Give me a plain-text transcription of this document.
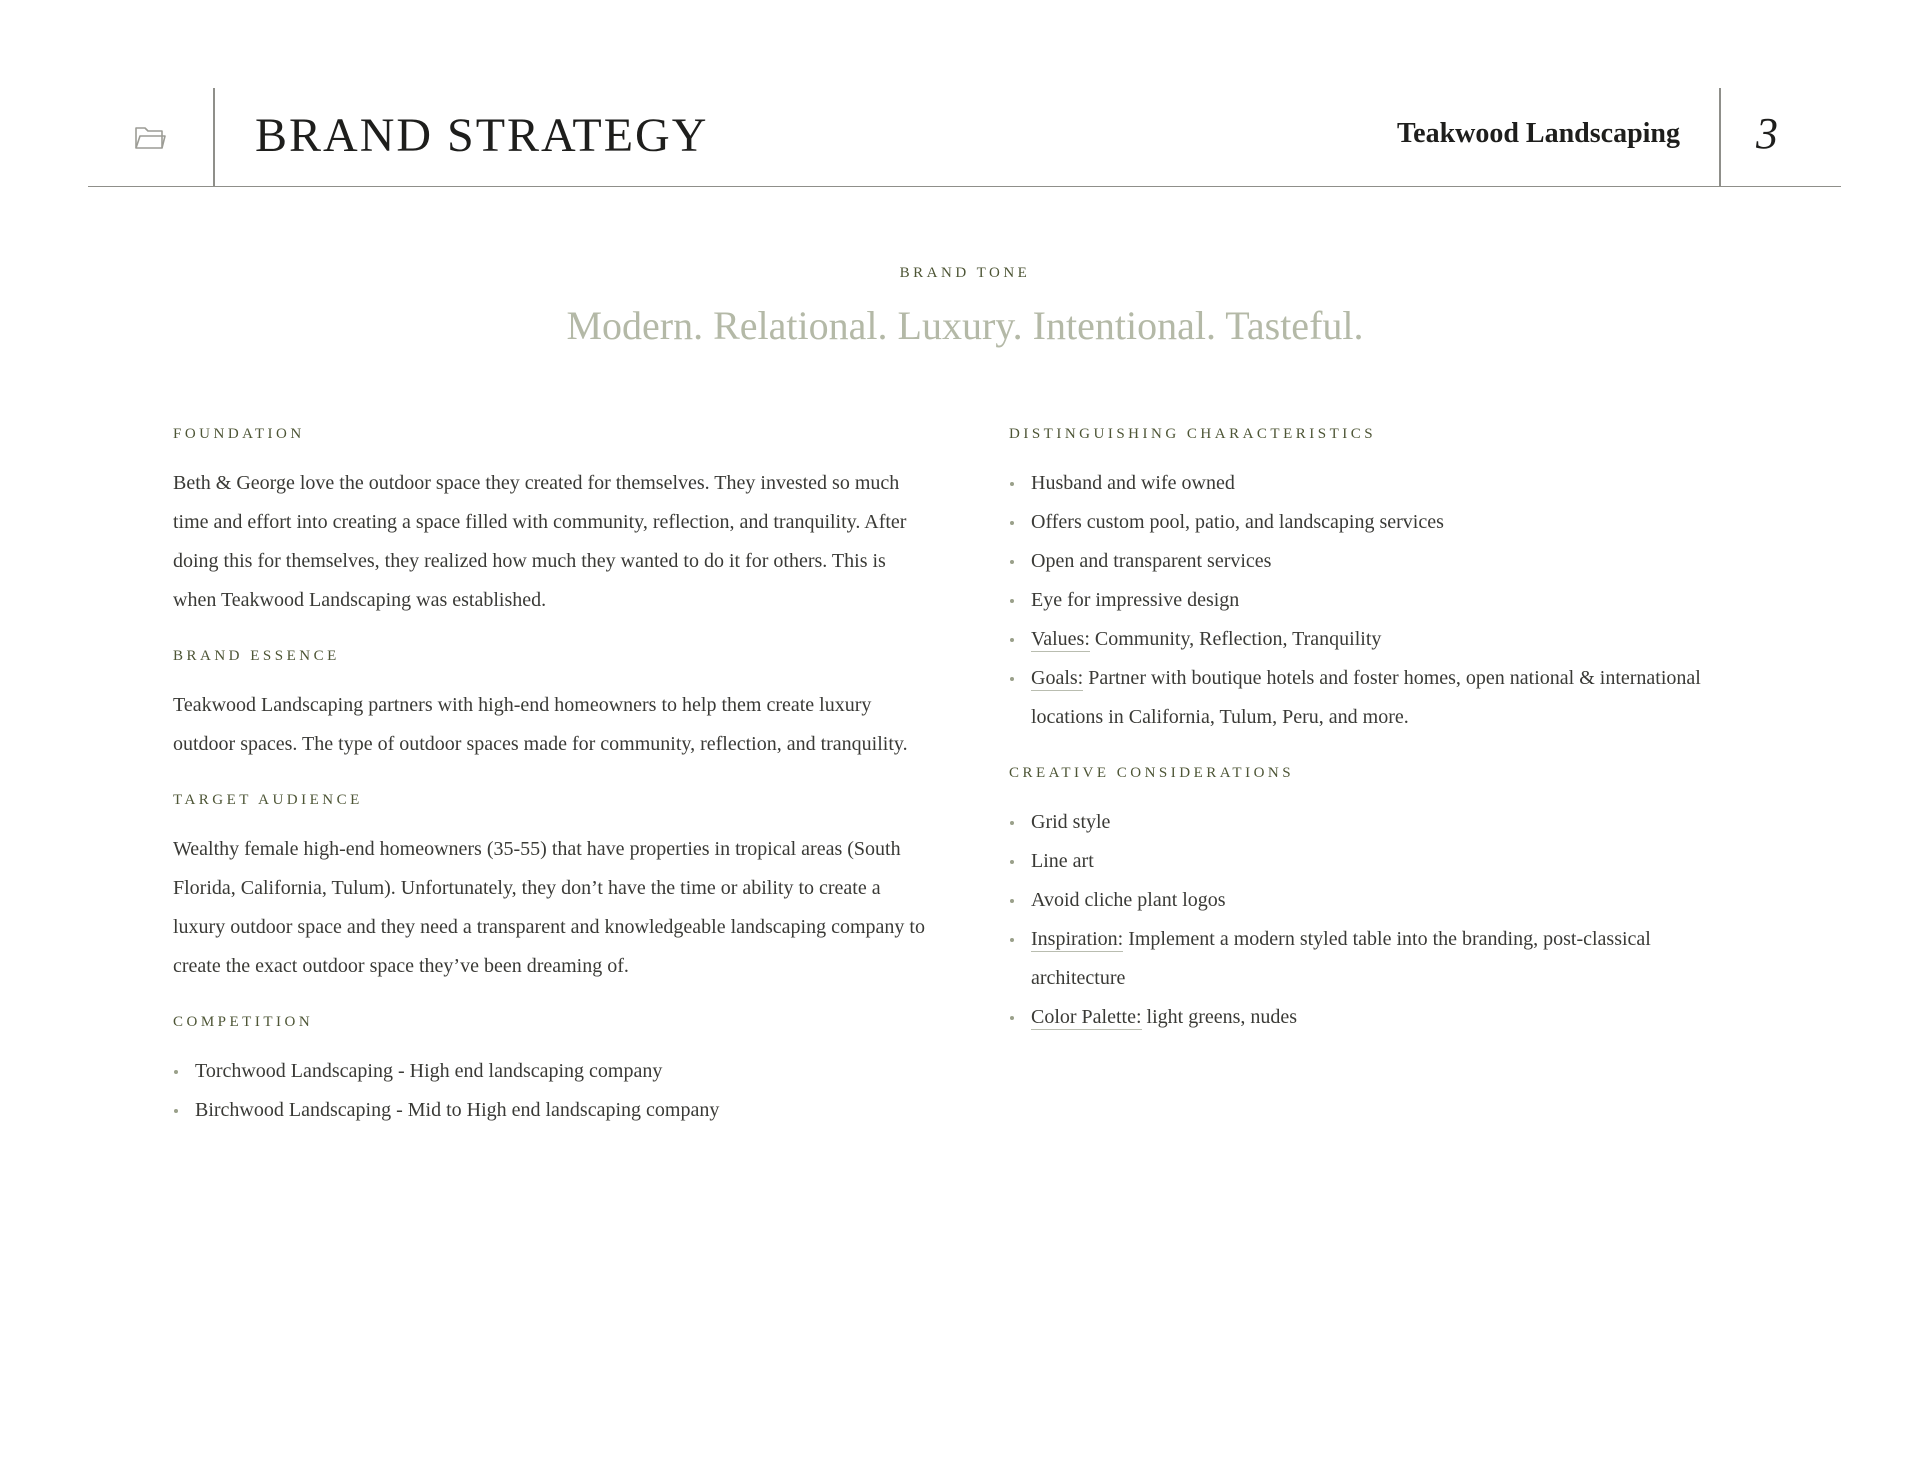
BRAND STRATEGY	Teakwood Landscaping	3
BRAND TONE
Modern. Relational. Luxury. Intentional. Tasteful.
FOUNDATION

Beth & George love the outdoor space they created for themselves. They invested so much time and effort into creating a space filled with community, reflection, and tranquility. After doing this for themselves, they realized how much they wanted to do it for others. This is when Teakwood Landscaping was established.

BRAND ESSENCE

Teakwood Landscaping partners with high-end homeowners to help them create luxury outdoor spaces. The type of outdoor spaces made for community, reflection, and tranquility.

TARGET AUDIENCE

Wealthy female high-end homeowners (35-55) that have properties in tropical areas (South Florida, California, Tulum). Unfortunately, they don’t have the time or ability to create a luxury outdoor space and they need a transparent and knowledgeable landscaping company to create the exact outdoor space they’ve been dreaming of.

COMPETITION
Torchwood Landscaping - High end landscaping company
Birchwood Landscaping - Mid to High end landscaping company
DISTINGUISHING CHARACTERISTICS
Husband and wife owned
Offers custom pool, patio, and landscaping services
Open and transparent services
Eye for impressive design
Values: Community, Reflection, Tranquility
Goals: Partner with boutique hotels and foster homes, open national & international locations in California, Tulum, Peru, and more.
CREATIVE CONSIDERATIONS
Grid style
Line art
Avoid cliche plant logos
Inspiration: Implement a modern styled table into the branding, post-classical architecture
Color Palette: light greens, nudes
